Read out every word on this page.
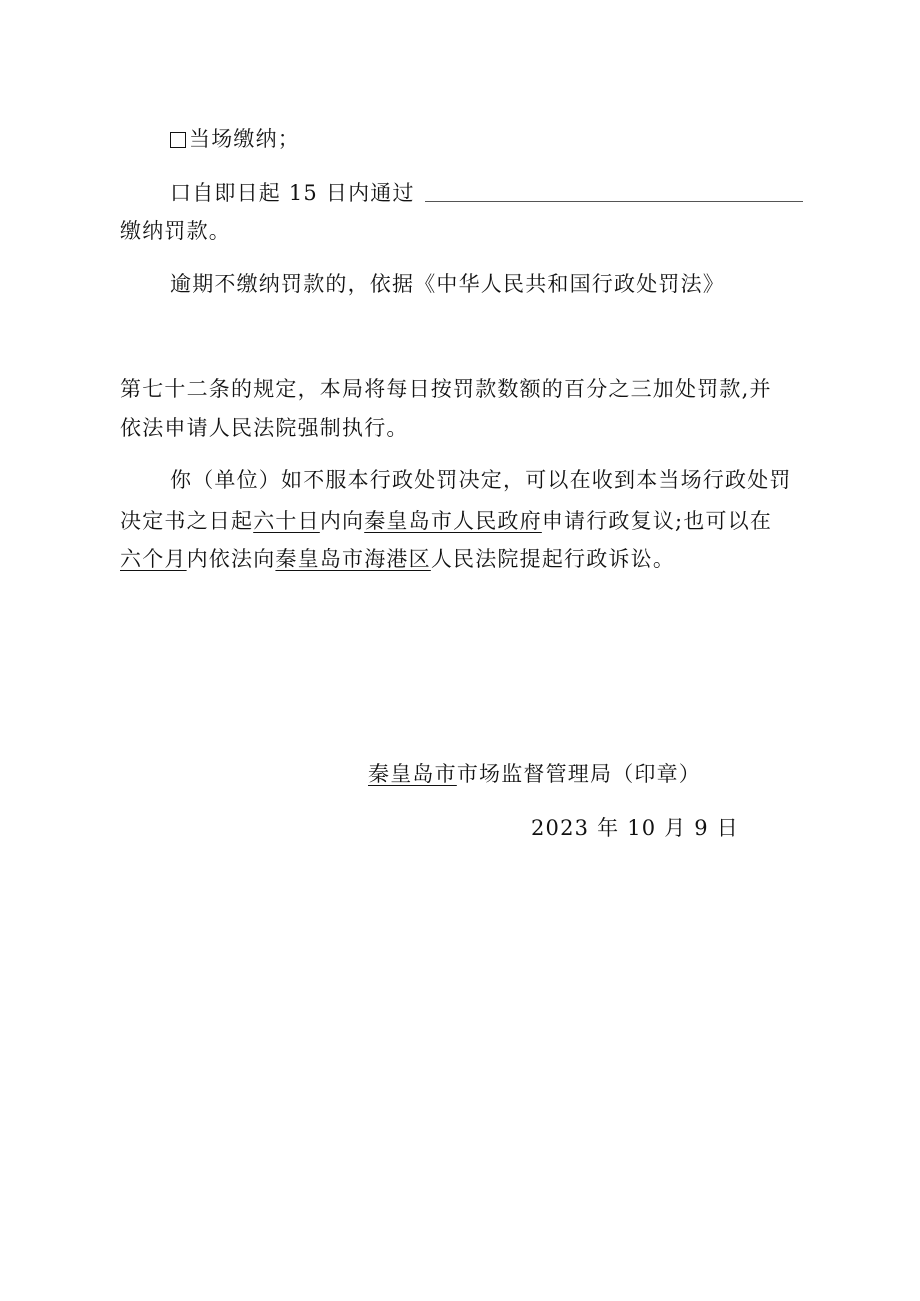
当场缴纳；
口自即日起 15 日内通过
缴纳罚款。
逾期不缴纳罚款的，依据《中华人民共和国行政处罚法》
第七十二条的规定，本局将每日按罚款数额的百分之三加处罚款,并
依法申请人民法院强制执行。
你（单位）如不服本行政处罚决定，可以在收到本当场行政处罚
决定书之日起六十日内向秦皇岛市人民政府申请行政复议;也可以在
六个月内依法向秦皇岛市海港区人民法院提起行政诉讼。
秦皇岛市市场监督管理局（印章）
2023 年 10 月 9 日
